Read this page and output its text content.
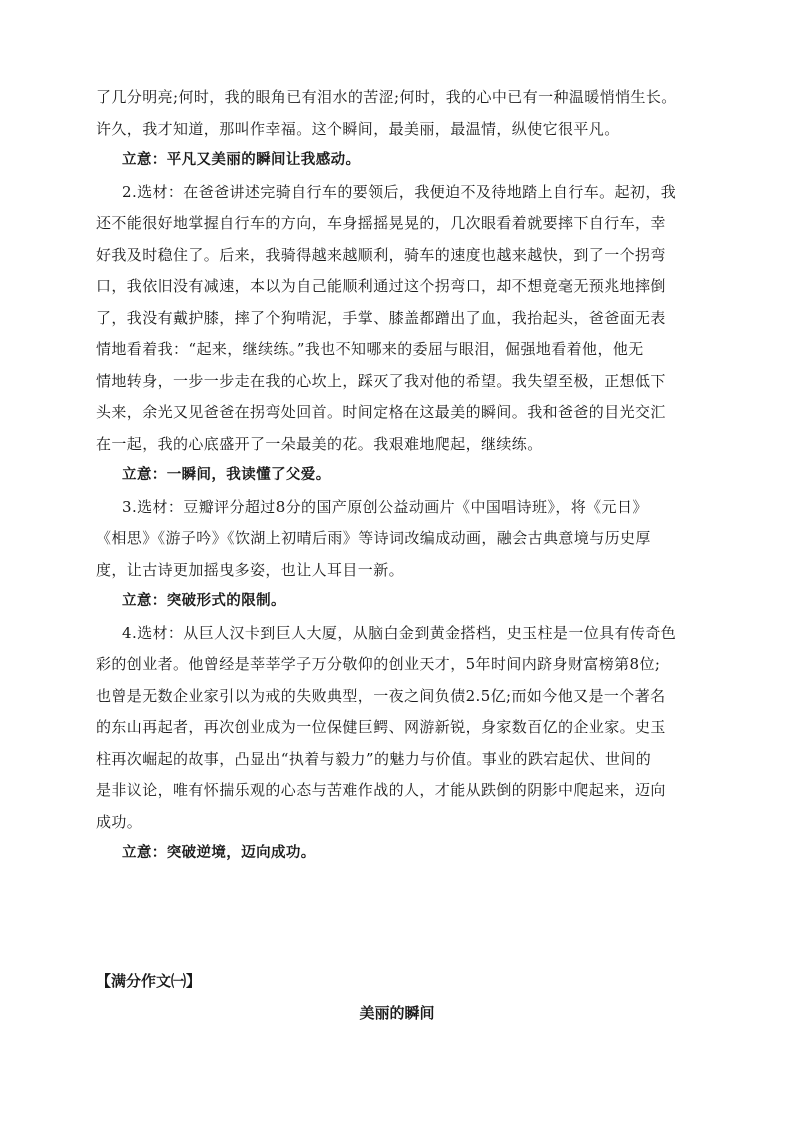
了几分明亮;何时，我的眼角已有泪水的苦涩;何时，我的心中已有一种温暖悄悄生长。
许久，我才知道，那叫作幸福。这个瞬间，最美丽，最温情，纵使它很平凡。
立意：平凡又美丽的瞬间让我感动。
2.选材：在爸爸讲述完骑自行车的要领后，我便迫不及待地踏上自行车。起初，我
还不能很好地掌握自行车的方向，车身摇摇晃晃的，几次眼看着就要摔下自行车，幸
好我及时稳住了。后来，我骑得越来越顺利，骑车的速度也越来越快，到了一个拐弯
口，我依旧没有减速，本以为自己能顺利通过这个拐弯口，却不想竟毫无预兆地摔倒
了，我没有戴护膝，摔了个狗啃泥，手掌、膝盖都蹭出了血，我抬起头，爸爸面无表
情地看着我：“起来，继续练。”我也不知哪来的委屈与眼泪，倔强地看着他，他无
情地转身，一步一步走在我的心坎上，踩灭了我对他的希望。我失望至极，正想低下
头来，余光又见爸爸在拐弯处回首。时间定格在这最美的瞬间。我和爸爸的目光交汇
在一起，我的心底盛开了一朵最美的花。我艰难地爬起，继续练。
立意：一瞬间，我读懂了父爱。
3.选材：豆瓣评分超过8分的国产原创公益动画片《中国唱诗班》，将《元日》
《相思》《游子吟》《饮湖上初晴后雨》等诗词改编成动画，融会古典意境与历史厚
度，让古诗更加摇曳多姿，也让人耳目一新。
立意：突破形式的限制。
4.选材：从巨人汉卡到巨人大厦，从脑白金到黄金搭档，史玉柱是一位具有传奇色
彩的创业者。他曾经是莘莘学子万分敬仰的创业天才，5年时间内跻身财富榜第8位;
也曾是无数企业家引以为戒的失败典型，一夜之间负债2.5亿;而如今他又是一个著名
的东山再起者，再次创业成为一位保健巨鳄、网游新锐，身家数百亿的企业家。史玉
柱再次崛起的故事，凸显出“执着与毅力”的魅力与价值。事业的跌宕起伏、世间的
是非议论，唯有怀揣乐观的心态与苦难作战的人，才能从跌倒的阴影中爬起来，迈向
成功。
立意：突破逆境，迈向成功。
【满分作文㈠】
美丽的瞬间
